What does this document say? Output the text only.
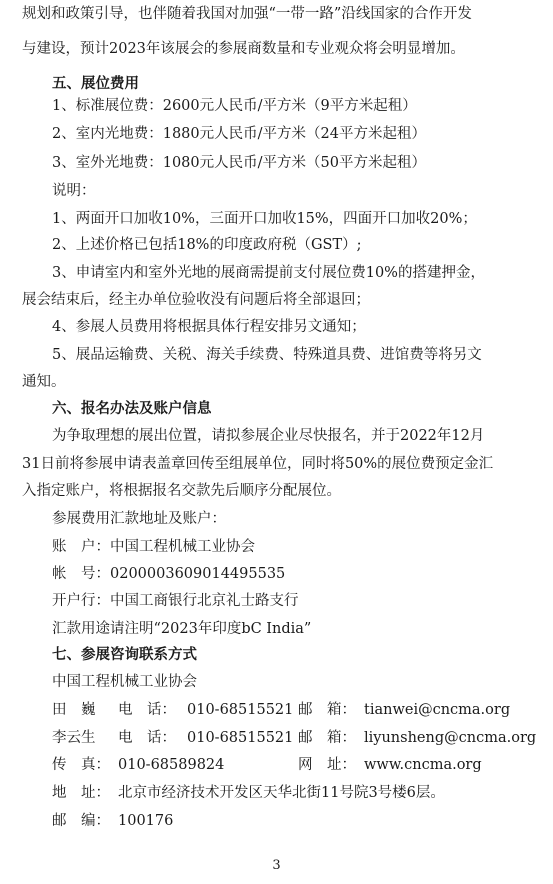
规划和政策引导，也伴随着我国对加强“一带一路”沿线国家的合作开发
与建设，预计2023年该展会的参展商数量和专业观众将会明显增加。
五、展位费用
1、标准展位费：2600元人民币/平方米（9平方米起租）
2、室内光地费：1880元人民币/平方米（24平方米起租）
3、室外光地费：1080元人民币/平方米（50平方米起租）
说明：
1、两面开口加收10%，三面开口加收15%，四面开口加收20%；
2、上述价格已包括18%的印度政府税（GST）;
3、申请室内和室外光地的展商需提前支付展位费10%的搭建押金，
展会结束后，经主办单位验收没有问题后将全部退回；
4、参展人员费用将根据具体行程安排另文通知；
5、展品运输费、关税、海关手续费、特殊道具费、进馆费等将另文
通知。
六、报名办法及账户信息
为争取理想的展出位置，请拟参展企业尽快报名，并于2022年12月
31日前将参展申请表盖章回传至组展单位，同时将50%的展位费预定金汇
入指定账户，将根据报名交款先后顺序分配展位。
参展费用汇款地址及账户：
账　户：中国工程机械工业协会
帐　号：0200003609014495535
开户行：中国工商银行北京礼士路支行
汇款用途请注明“2023年印度bC India”
七、参展咨询联系方式
中国工程机械工业协会
田　巍 电　话： 010-68515521 邮　箱： tianwei@cncma.org
李云生 电　话： 010-68515521 邮　箱： liyunsheng@cncma.org
传　真： 010-68589824	网　址： www.cncma.org
地　址： 北京市经济技术开发区天华北街11号院3号楼6层。
邮　编： 100176
3
